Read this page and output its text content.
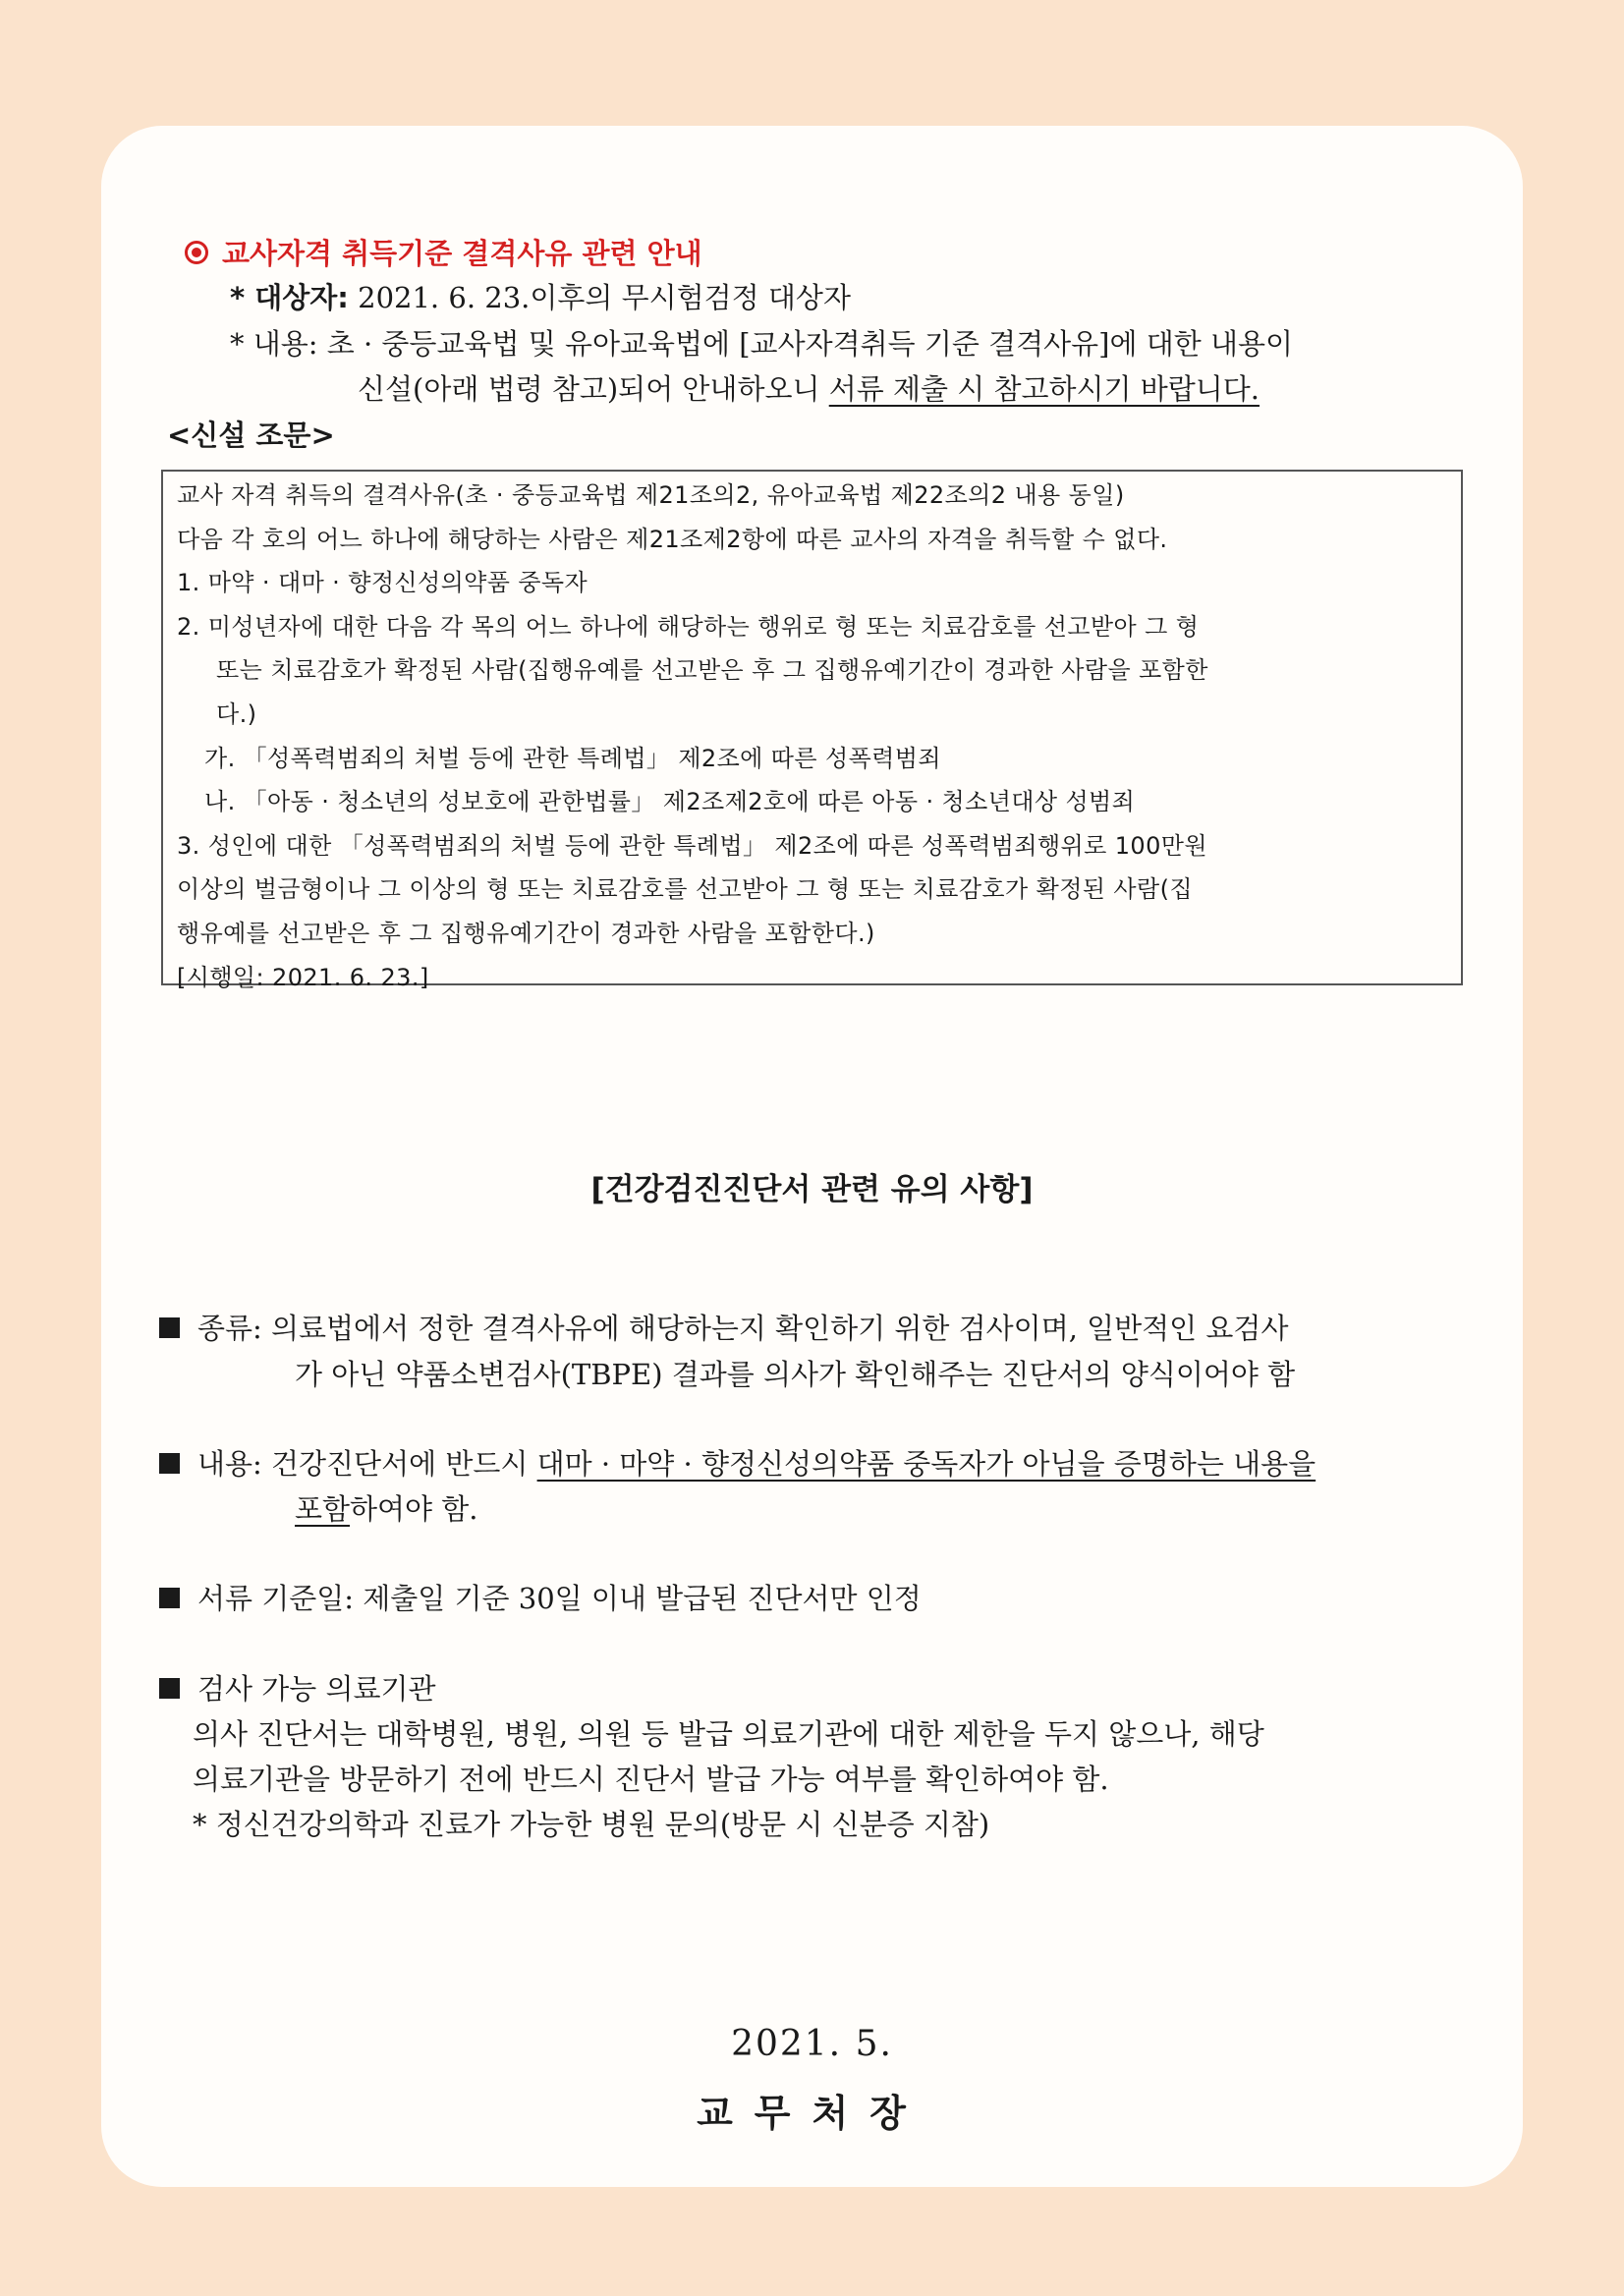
교사자격 취득기준 결격사유 관련 안내
* 대상자: 2021. 6. 23.이후의 무시험검정 대상자
* 내용: 초 · 중등교육법 및 유아교육법에 [교사자격취득 기준 결격사유]에 대한 내용이
신설(아래 법령 참고)되어 안내하오니 서류 제출 시 참고하시기 바랍니다.
<신설 조문>
교사 자격 취득의 결격사유(초 · 중등교육법 제21조의2, 유아교육법 제22조의2 내용 동일)
다음 각 호의 어느 하나에 해당하는 사람은 제21조제2항에 따른 교사의 자격을 취득할 수 없다.
1. 마약 · 대마 · 향정신성의약품 중독자
2. 미성년자에 대한 다음 각 목의 어느 하나에 해당하는 행위로 형 또는 치료감호를 선고받아 그 형
또는 치료감호가 확정된 사람(집행유예를 선고받은 후 그 집행유예기간이 경과한 사람을 포함한
다.)
가. 「성폭력범죄의 처벌 등에 관한 특례법」 제2조에 따른 성폭력범죄
나. 「아동 · 청소년의 성보호에 관한법률」 제2조제2호에 따른 아동 · 청소년대상 성범죄
3. 성인에 대한 「성폭력범죄의 처벌 등에 관한 특례법」 제2조에 따른 성폭력범죄행위로 100만원
이상의 벌금형이나 그 이상의 형 또는 치료감호를 선고받아 그 형 또는 치료감호가 확정된 사람(집
행유예를 선고받은 후 그 집행유예기간이 경과한 사람을 포함한다.)
[시행일: 2021. 6. 23.]
[건강검진진단서 관련 유의 사항]
종류: 의료법에서 정한 결격사유에 해당하는지 확인하기 위한 검사이며, 일반적인 요검사
가 아닌 약품소변검사(TBPE) 결과를 의사가 확인해주는 진단서의 양식이어야 함
내용: 건강진단서에 반드시 대마 · 마약 · 향정신성의약품 중독자가 아님을 증명하는 내용을
포함하여야 함.
서류 기준일: 제출일 기준 30일 이내 발급된 진단서만 인정
검사 가능 의료기관
의사 진단서는 대학병원, 병원, 의원 등 발급 의료기관에 대한 제한을 두지 않으나, 해당
의료기관을 방문하기 전에 반드시 진단서 발급 가능 여부를 확인하여야 함.
* 정신건강의학과 진료가 가능한 병원 문의(방문 시 신분증 지참)
2021. 5.
교무처장
